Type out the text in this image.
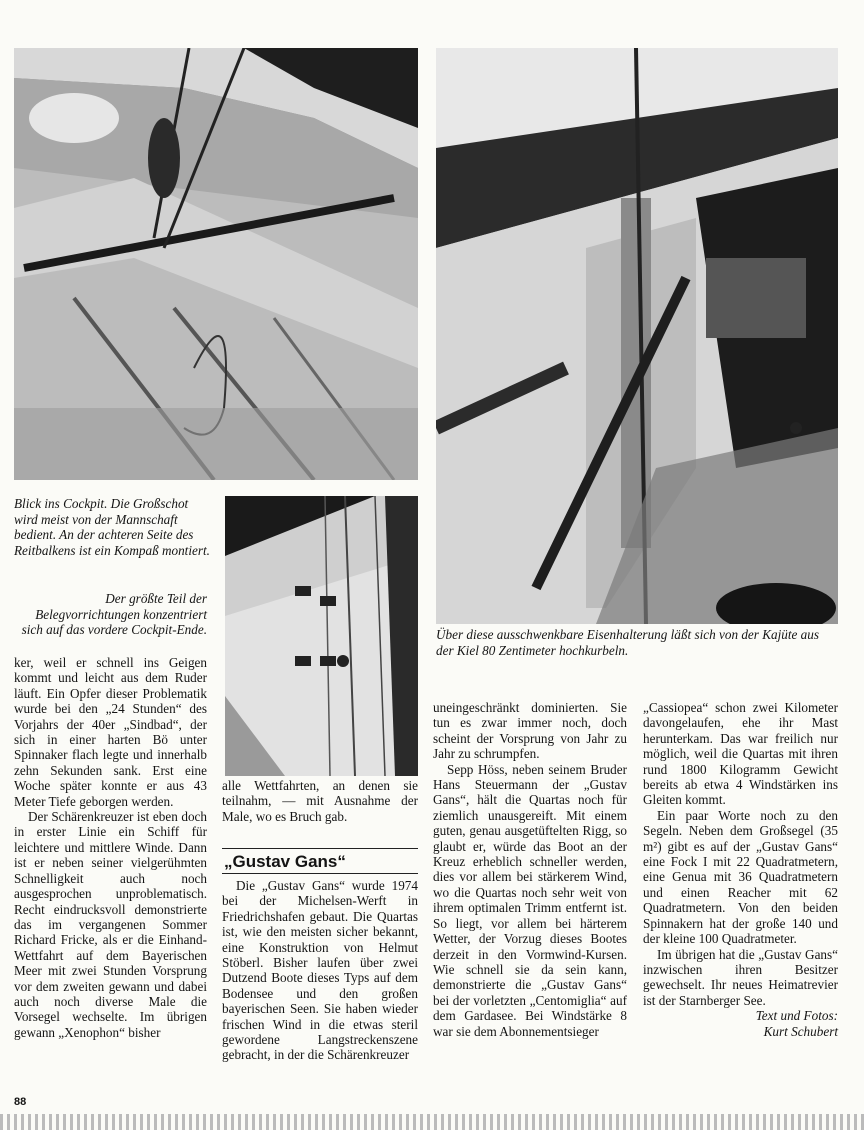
Blick ins Cockpit. Die Großschot wird meist von der Mannschaft bedient. An der achteren Seite des Reitbalkens ist ein Kompaß montiert.

Der größte Teil der Belegvorrichtungen konzentriert sich auf das vordere Cockpit-Ende.	Über diese ausschwenkbare Eisenhalterung läßt sich von der Kajüte aus der Kiel 80 Zentimeter hochkurbeln.

ker, weil er schnell ins Geigen kommt und leicht aus dem Ruder läuft. Ein Opfer dieser Problematik wurde bei den „24 Stunden“ des Vorjahrs der 40er „Sindbad“, der sich in einer harten Bö unter Spinnaker flach legte und innerhalb zehn Sekunden sank. Erst eine Woche später konnte er aus 43 Meter Tiefe geborgen werden.

Der Schärenkreuzer ist eben doch in erster Linie ein Schiff für leichtere und mittlere Winde. Dann ist er neben seiner vielgerühmten Schnelligkeit auch noch ausgesprochen unproblematisch. Recht eindrucksvoll demonstrierte das im vergangenen Sommer Richard Fricke, als er die Einhand-Wettfahrt auf dem Bayerischen Meer mit zwei Stunden Vorsprung vor dem zweiten gewann und dabei auch noch diverse Male die Vorsegel wechselte. Im übrigen gewann „Xenophon“ bisher

alle Wettfahrten, an denen sie teilnahm, — mit Ausnahme der Male, wo es Bruch gab.

„Gustav Gans“

Die „Gustav Gans“ wurde 1974 bei der Michelsen-Werft in Friedrichshafen gebaut. Die Quartas ist, wie den meisten sicher bekannt, eine Konstruktion von Helmut Stöberl. Bisher laufen über zwei Dutzend Boote dieses Typs auf dem Bodensee und den großen bayerischen Seen. Sie haben wieder frischen Wind in die etwas steril gewordene Langstreckenszene gebracht, in der die Schärenkreuzer

uneingeschränkt dominierten. Sie tun es zwar immer noch, doch scheint der Vorsprung von Jahr zu Jahr zu schrumpfen.

Sepp Höss, neben seinem Bruder Hans Steuermann der „Gustav Gans“, hält die Quartas noch für ziemlich unausgereift. Mit einem guten, genau ausgetüftelten Rigg, so glaubt er, würde das Boot an der Kreuz erheblich schneller werden, dies vor allem bei stärkerem Wind, wo die Quartas noch sehr weit von ihrem optimalen Trimm entfernt ist. So liegt, vor allem bei härterem Wetter, der Vorzug dieses Bootes derzeit in den Vormwind-Kursen. Wie schnell sie da sein kann, demonstrierte die „Gustav Gans“ bei der vorletzten „Centomiglia“ auf dem Gardasee. Bei Windstärke 8 war sie dem Abonnementsieger

„Cassiopea“ schon zwei Kilometer davongelaufen, ehe ihr Mast herunterkam. Das war freilich nur möglich, weil die Quartas mit ihren rund 1800 Kilogramm Gewicht bereits ab etwa 4 Windstärken ins Gleiten kommt.

Ein paar Worte noch zu den Segeln. Neben dem Großsegel (35 m²) gibt es auf der „Gustav Gans“ eine Fock I mit 22 Quadratmetern, eine Genua mit 36 Quadratmetern und einen Reacher mit 62 Quadratmetern. Von den beiden Spinnakern hat der große 140 und der kleine 100 Quadratmeter.

Im übrigen hat die „Gustav Gans“ inzwischen ihren Besitzer gewechselt. Ihr neues Heimatrevier ist der Starnberger See.

Text und Fotos:

Kurt Schubert

88
